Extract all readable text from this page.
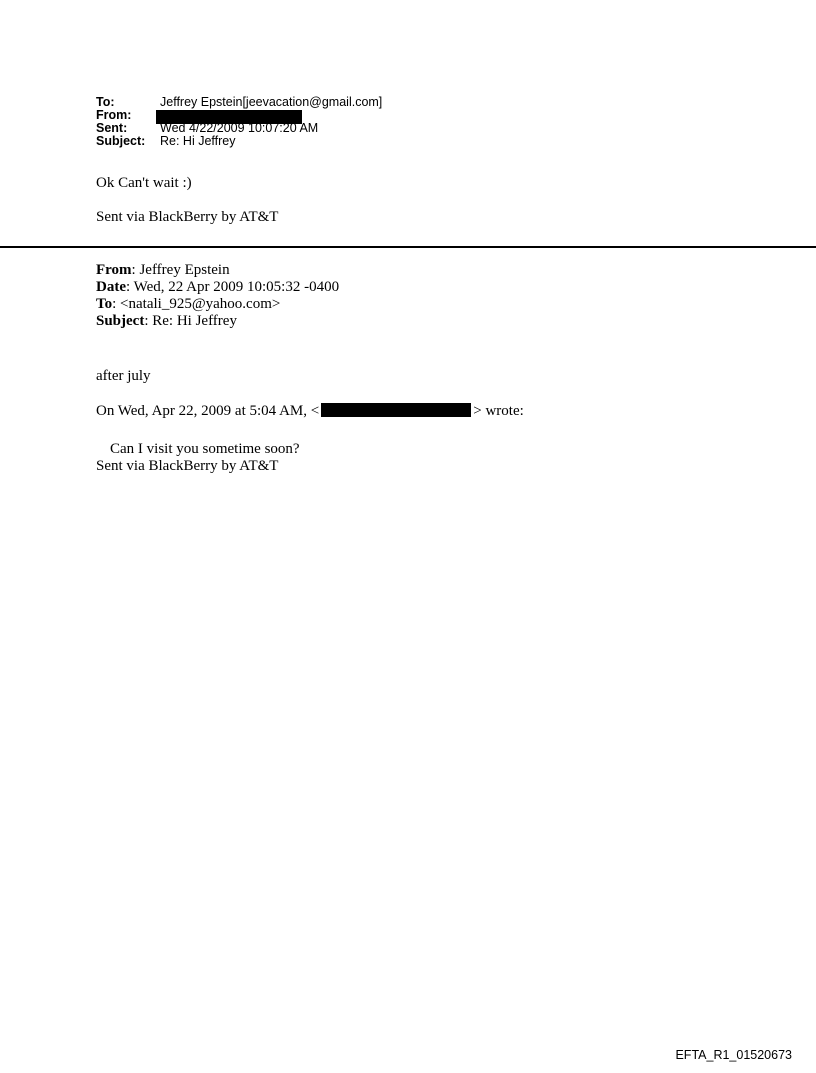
To:	Jeffrey Epstein[jeevacation@gmail.com]
From:
Sent:	Wed 4/22/2009 10:07:20 AM
Subject: Re: Hi Jeffrey
Ok Can't wait :)
Sent via BlackBerry by AT&T
From: Jeffrey Epstein
Date: Wed, 22 Apr 2009 10:05:32 -0400
To: <natali_925@yahoo.com>
Subject: Re: Hi Jeffrey
after july
On Wed, Apr 22, 2009 at 5:04 AM, <	> wrote:
Can I visit you sometime soon?
Sent via BlackBerry by AT&T
EFTA_R1_01520673
